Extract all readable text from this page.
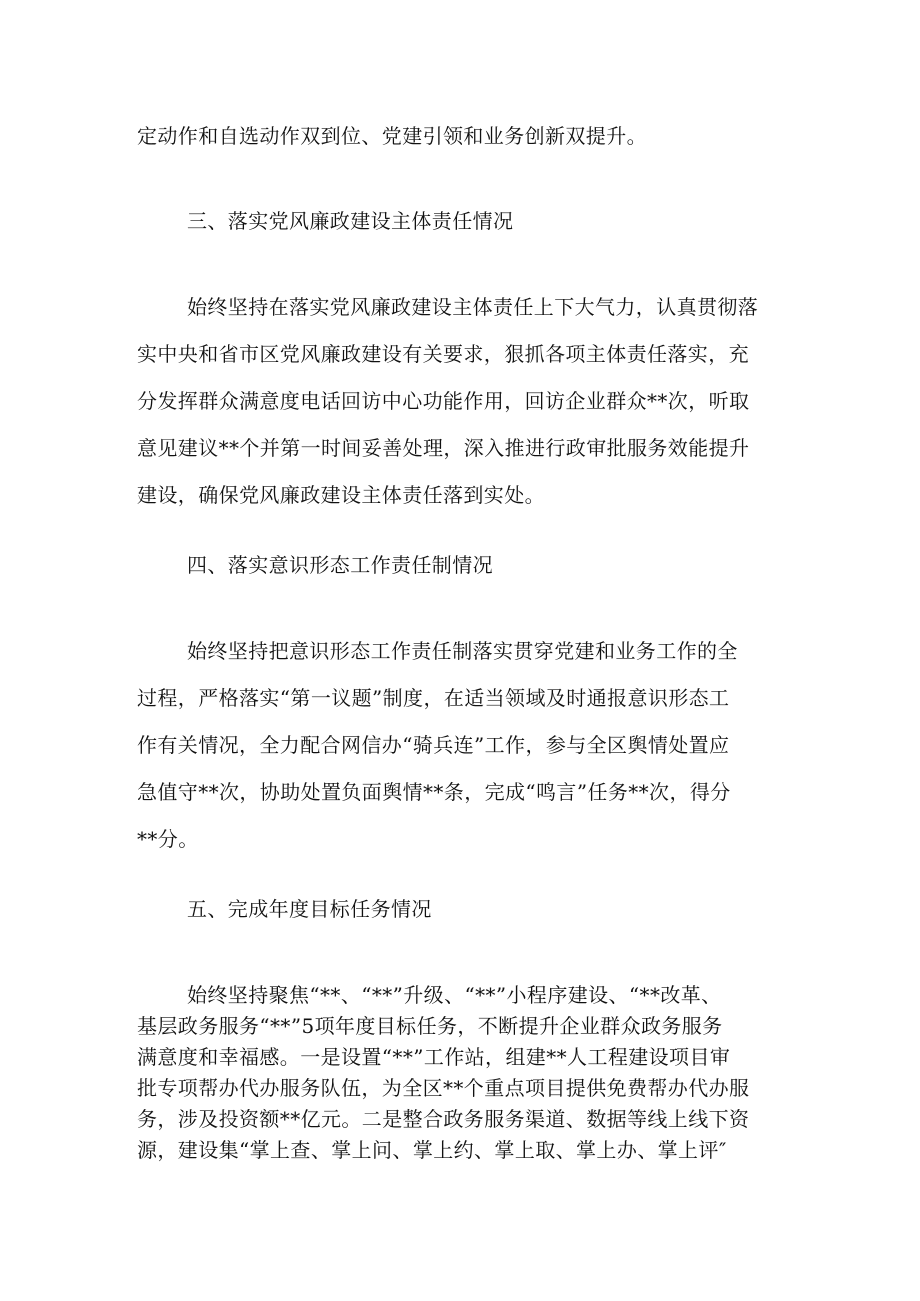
定动作和自选动作双到位、党建引领和业务创新双提升。
三、落实党风廉政建设主体责任情况
始终坚持在落实党风廉政建设主体责任上下大气力，认真贯彻落
实中央和省市区党风廉政建设有关要求，狠抓各项主体责任落实，充
分发挥群众满意度电话回访中心功能作用，回访企业群众**次，听取
意见建议**个并第一时间妥善处理，深入推进行政审批服务效能提升
建设，确保党风廉政建设主体责任落到实处。
四、落实意识形态工作责任制情况
始终坚持把意识形态工作责任制落实贯穿党建和业务工作的全
过程，严格落实“第一议题”制度，在适当领域及时通报意识形态工
作有关情况，全力配合网信办“骑兵连”工作，参与全区舆情处置应
急值守**次，协助处置负面舆情**条，完成“鸣言”任务**次，得分
**分。
五、完成年度目标任务情况
始终坚持聚焦“**、“**”升级、“**”小程序建设、“**改革、
基层政务服务“**”5项年度目标任务，不断提升企业群众政务服务
满意度和幸福感。一是设置“**”工作站，组建**人工程建设项目审
批专项帮办代办服务队伍，为全区**个重点项目提供免费帮办代办服
务，涉及投资额**亿元。二是整合政务服务渠道、数据等线上线下资
源，建设集“掌上查、掌上问、掌上约、掌上取、掌上办、掌上评″
